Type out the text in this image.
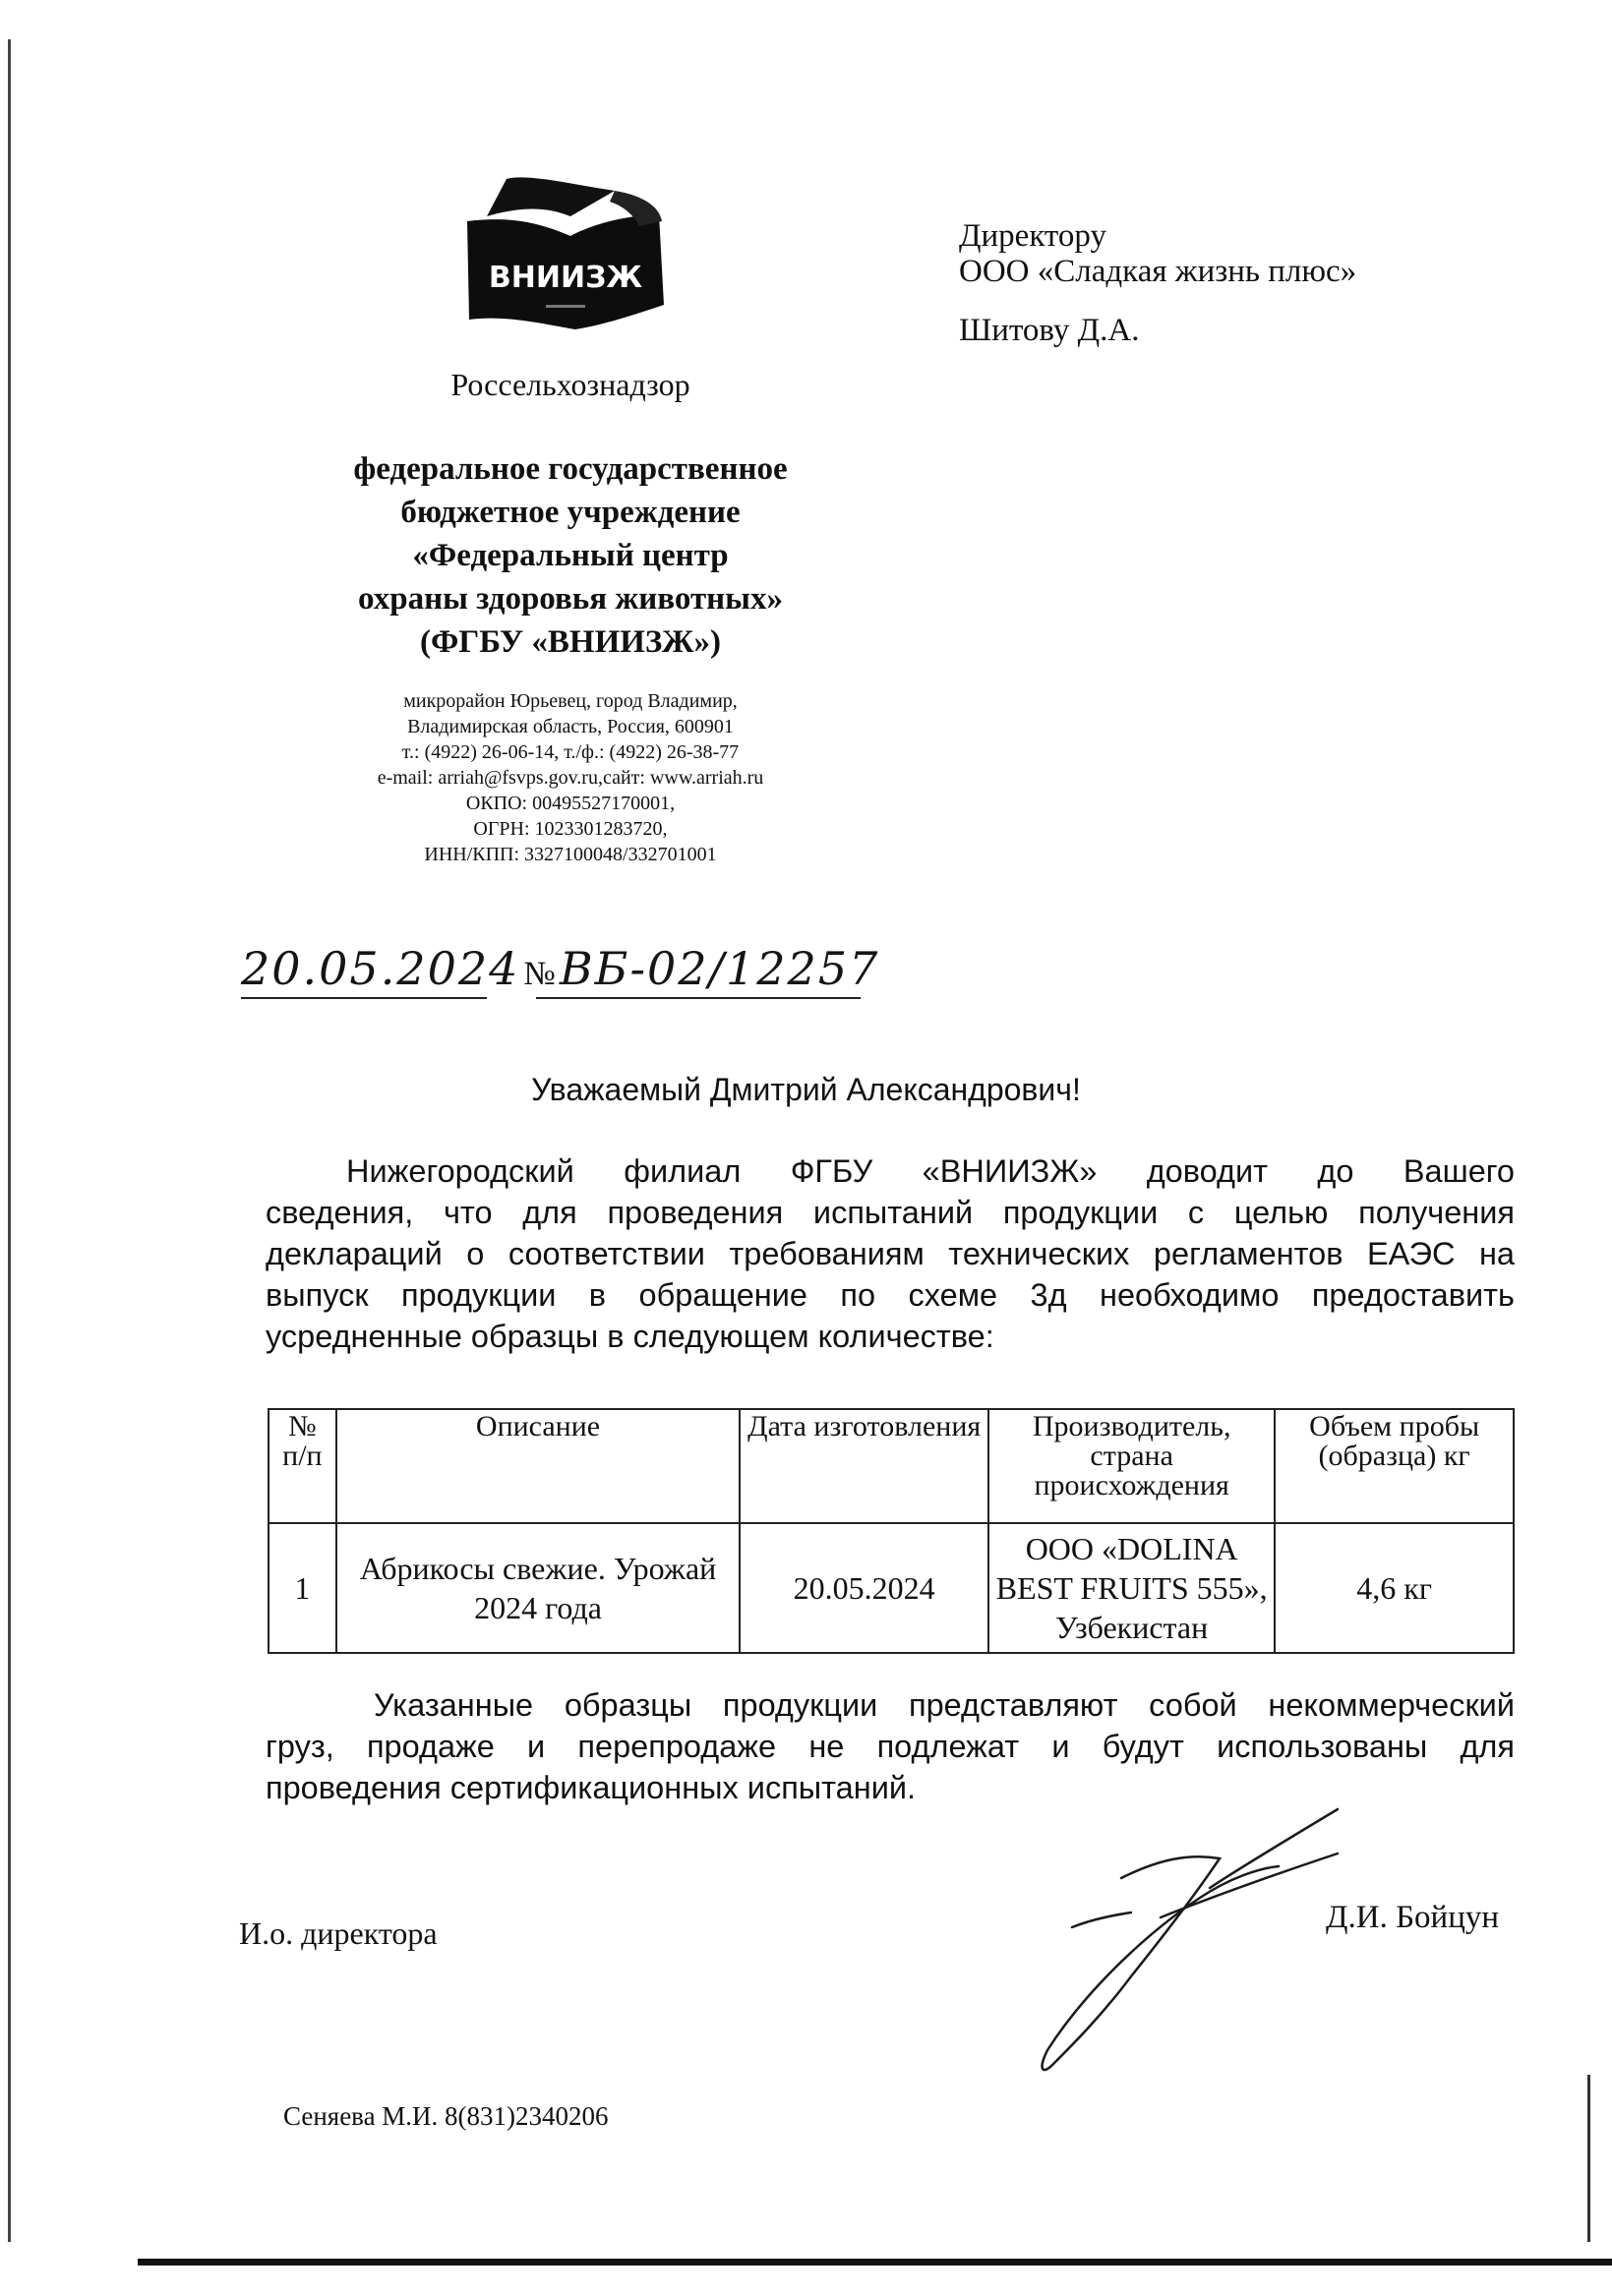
ВНИИЗЖ
Россельхознадзор
федеральное государственное
бюджетное учреждение
«Федеральный центр
охраны здоровья животных»
(ФГБУ «ВНИИЗЖ»)
микрорайон Юрьевец, город Владимир,
Владимирская область, Россия, 600901
т.: (4922) 26-06-14, т./ф.: (4922) 26-38-77
e-mail: arriah@fsvps.gov.ru,сайт: www.arriah.ru
ОКПО: 00495527170001,
ОГРН: 1023301283720,
ИНН/КПП: 3327100048/332701001
Директору
ООО «Сладкая жизнь плюс»
Шитову Д.А.
20.05.2024 № ВБ-02/12257
Уважаемый Дмитрий Александрович!
Нижегородский филиал ФГБУ «ВНИИЗЖ» доводит до Вашего
сведения, что для проведения испытаний продукции с целью получения
деклараций о соответствии требованиям технических регламентов ЕАЭС на
выпуск продукции в обращение по схеме 3д необходимо предоставить
усредненные образцы в следующем количестве:
№ п/п	Описание	Дата изготовления	Производитель, страна происхождения	Объем пробы (образца) кг
1	Абрикосы свежие. Урожай 2024 года	20.05.2024	ООО «DOLINA BEST FRUITS 555», Узбекистан	4,6 кг
Указанные образцы продукции представляют собой некоммерческий
груз, продаже и перепродаже не подлежат и будут использованы для
проведения сертификационных испытаний.
И.о. директора	Д.И. Бойцун
Сеняева М.И. 8(831)2340206
